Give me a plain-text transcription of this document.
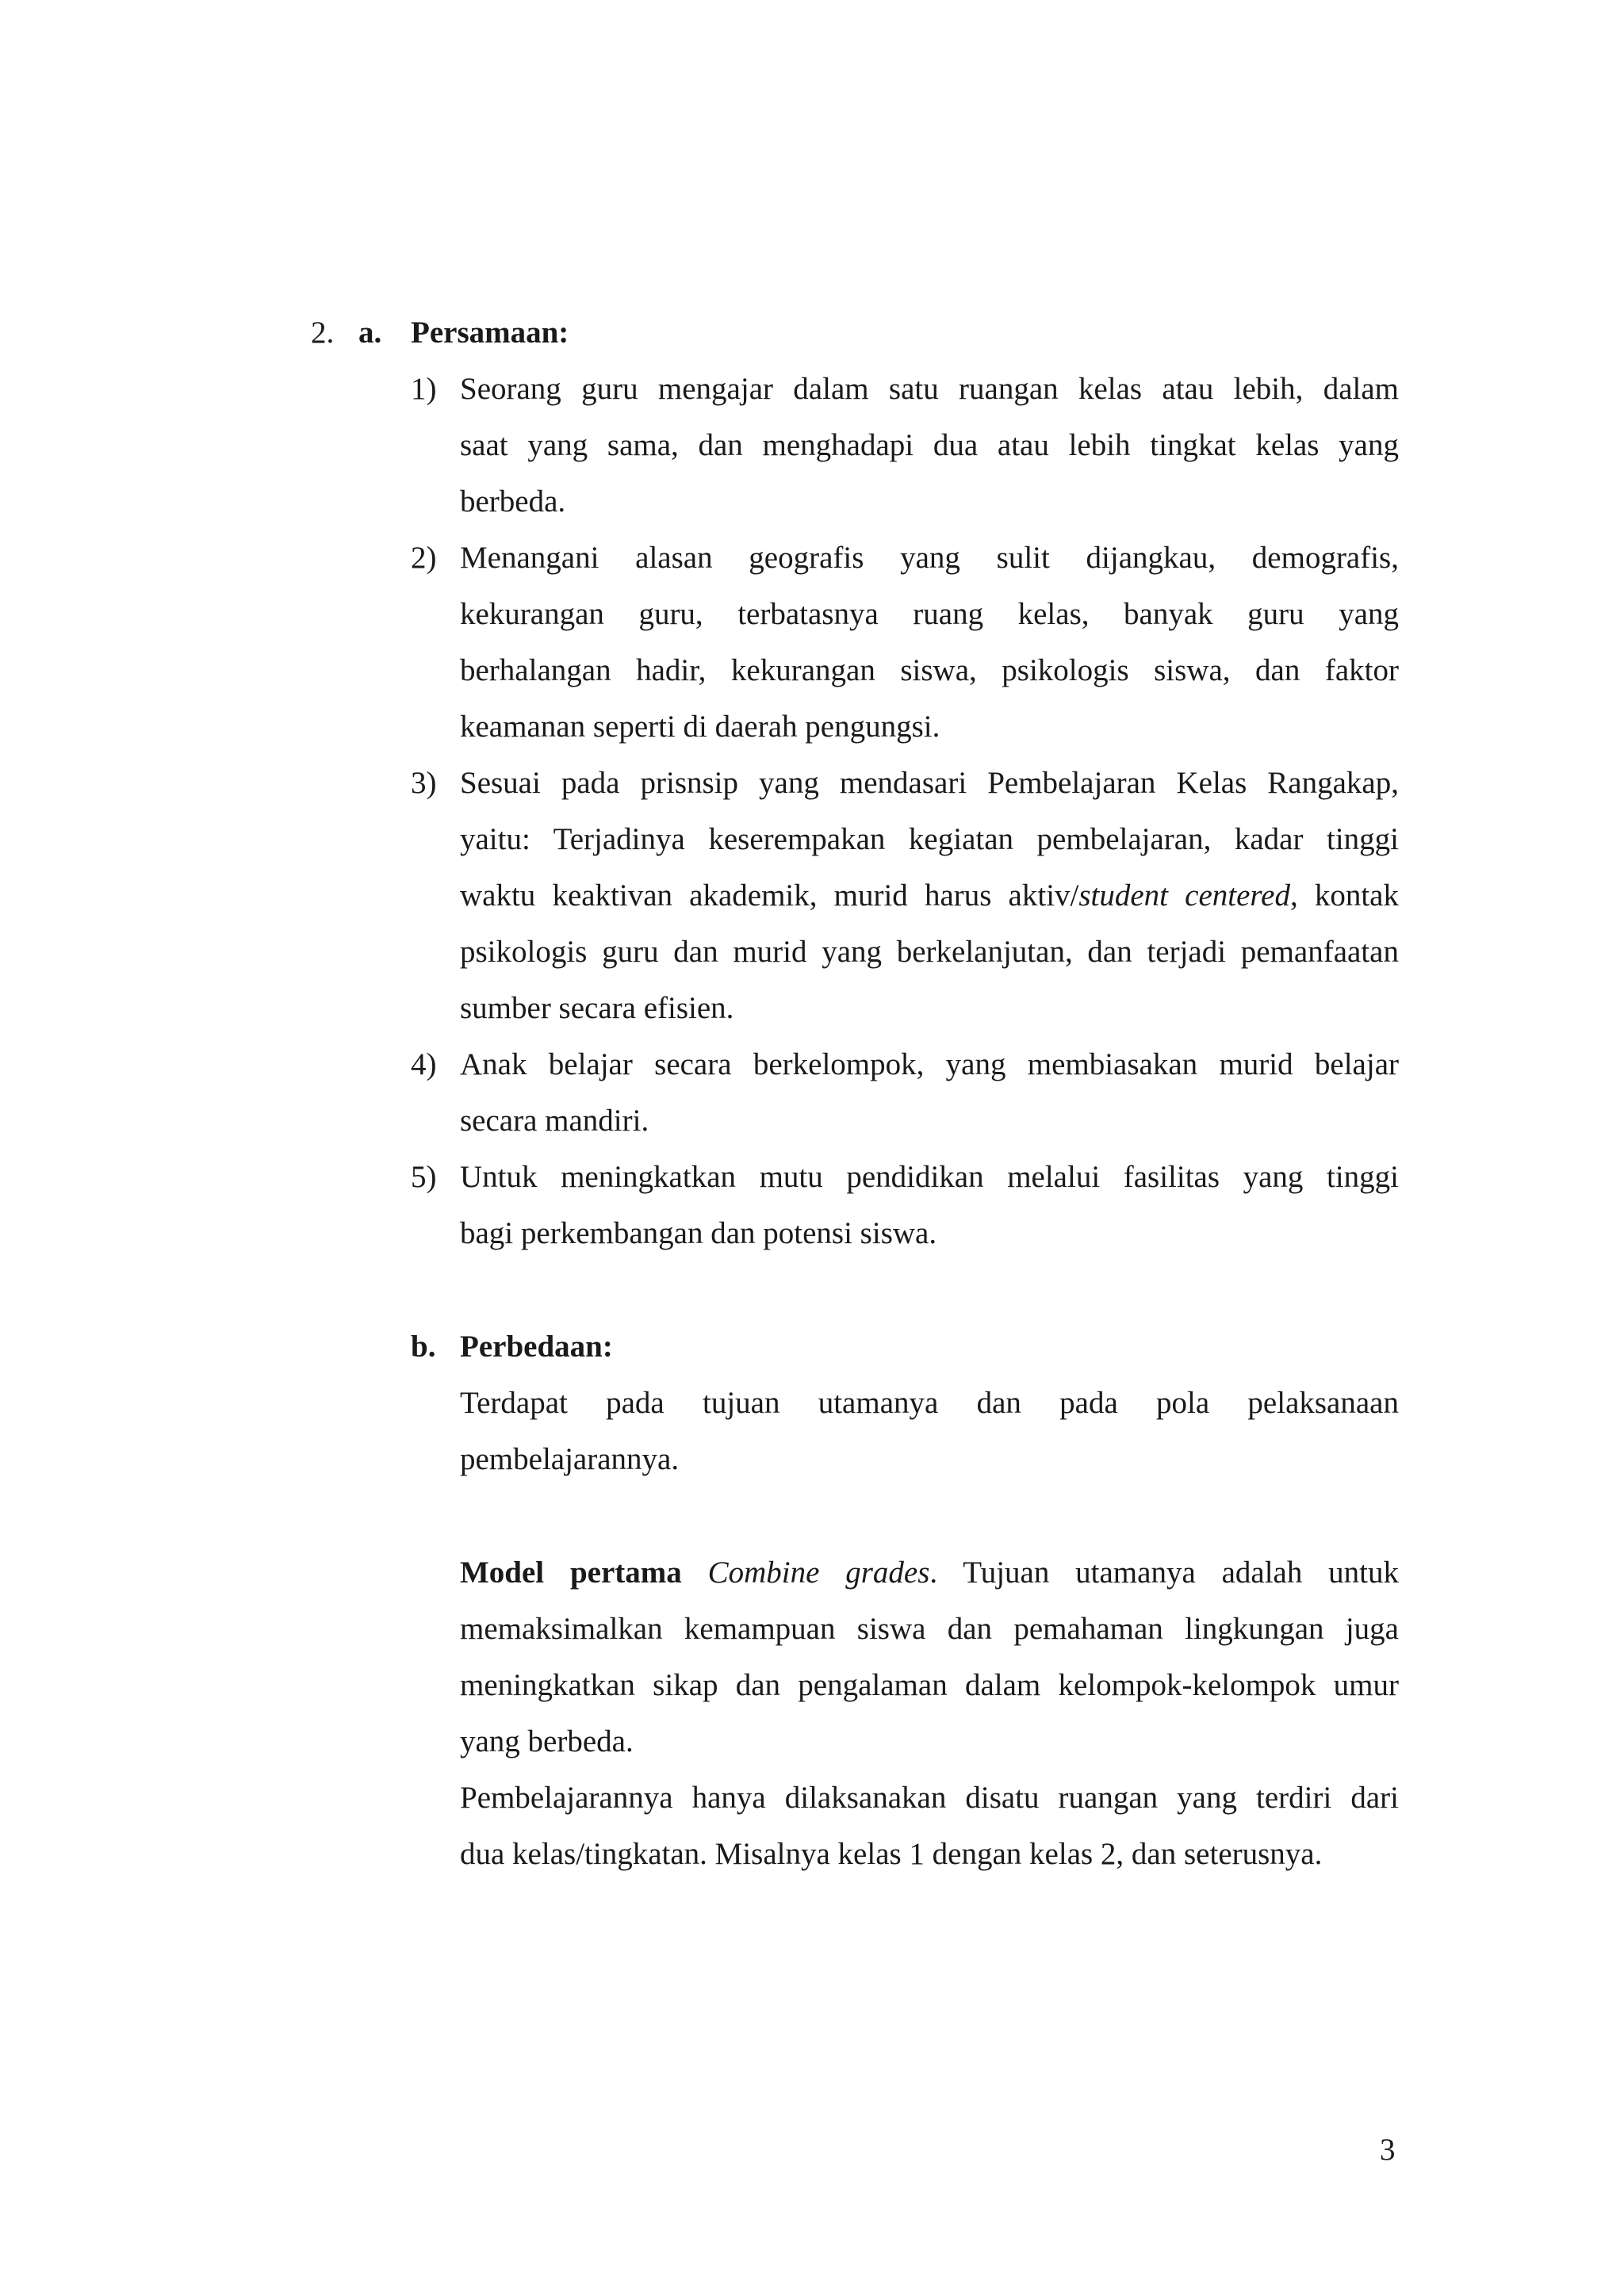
2. a. Persamaan:
1) Seorang guru mengajar dalam satu ruangan kelas atau lebih, dalam
saat yang sama, dan menghadapi dua atau lebih tingkat kelas yang
berbeda.
2) Menangani alasan geografis yang sulit dijangkau, demografis,
kekurangan guru, terbatasnya ruang kelas, banyak guru yang
berhalangan hadir, kekurangan siswa, psikologis siswa, dan faktor
keamanan seperti di daerah pengungsi.
3) Sesuai pada prisnsip yang mendasari Pembelajaran Kelas Rangakap,
yaitu: Terjadinya keserempakan kegiatan pembelajaran, kadar tinggi
waktu keaktivan akademik, murid harus aktiv/student centered, kontak
psikologis guru dan murid yang berkelanjutan, dan terjadi pemanfaatan
sumber secara efisien.
4) Anak belajar secara berkelompok, yang membiasakan murid belajar
secara mandiri.
5) Untuk meningkatkan mutu pendidikan melalui fasilitas yang tinggi
bagi perkembangan dan potensi siswa.
b. Perbedaan:
Terdapat pada tujuan utamanya dan pada pola pelaksanaan
pembelajarannya.
Model pertama Combine grades. Tujuan utamanya adalah untuk
memaksimalkan kemampuan siswa dan pemahaman lingkungan juga
meningkatkan sikap dan pengalaman dalam kelompok-kelompok umur
yang berbeda.
Pembelajarannya hanya dilaksanakan disatu ruangan yang terdiri dari
dua kelas/tingkatan. Misalnya kelas 1 dengan kelas 2, dan seterusnya.
3
